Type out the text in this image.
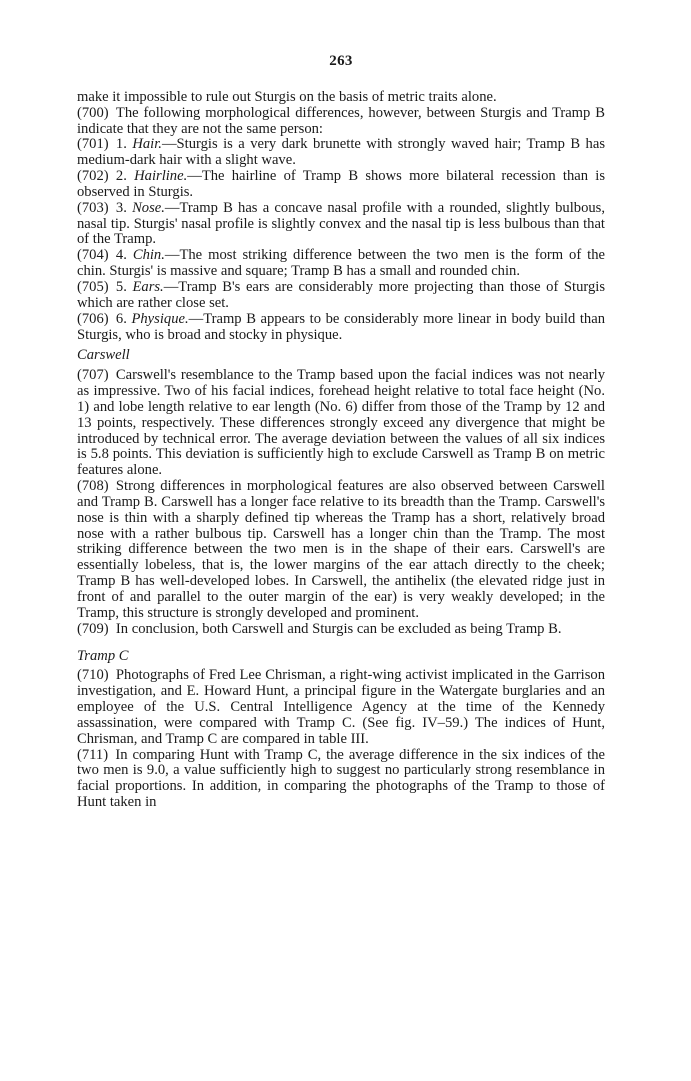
263

make it impossible to rule out Sturgis on the basis of metric traits alone.

(700)  The following morphological differences, however, between Sturgis and Tramp B indicate that they are not the same person:

(701)  1. Hair.—Sturgis is a very dark brunette with strongly waved hair; Tramp B has medium-dark hair with a slight wave.

(702)  2. Hairline.—The hairline of Tramp B shows more bilateral recession than is observed in Sturgis.

(703)  3. Nose.—Tramp B has a concave nasal profile with a rounded, slightly bulbous, nasal tip. Sturgis' nasal profile is slightly convex and the nasal tip is less bulbous than that of the Tramp.

(704)  4. Chin.—The most striking difference between the two men is the form of the chin. Sturgis' is massive and square; Tramp B has a small and rounded chin.

(705)  5. Ears.—Tramp B's ears are considerably more projecting than those of Sturgis which are rather close set.

(706)  6. Physique.—Tramp B appears to be considerably more linear in body build than Sturgis, who is broad and stocky in physique.

Carswell

(707)  Carswell's resemblance to the Tramp based upon the facial indices was not nearly as impressive. Two of his facial indices, forehead height relative to total face height (No. 1) and lobe length relative to ear length (No. 6) differ from those of the Tramp by 12 and 13 points, respectively. These differences strongly exceed any divergence that might be introduced by technical error. The average deviation between the values of all six indices is 5.8 points. This deviation is sufficiently high to exclude Carswell as Tramp B on metric features alone.

(708)  Strong differences in morphological features are also observed between Carswell and Tramp B. Carswell has a longer face relative to its breadth than the Tramp. Carswell's nose is thin with a sharply defined tip whereas the Tramp has a short, relatively broad nose with a rather bulbous tip. Carswell has a longer chin than the Tramp. The most striking difference between the two men is in the shape of their ears. Carswell's are essentially lobeless, that is, the lower margins of the ear attach directly to the cheek; Tramp B has well-developed lobes. In Carswell, the antihelix (the elevated ridge just in front of and parallel to the outer margin of the ear) is very weakly developed; in the Tramp, this structure is strongly developed and prominent.

(709)  In conclusion, both Carswell and Sturgis can be excluded as being Tramp B.

Tramp C

(710)  Photographs of Fred Lee Chrisman, a right-wing activist implicated in the Garrison investigation, and E. Howard Hunt, a principal figure in the Watergate burglaries and an employee of the U.S. Central Intelligence Agency at the time of the Kennedy assassination, were compared with Tramp C. (See fig. IV–59.) The indices of Hunt, Chrisman, and Tramp C are compared in table III.

(711)  In comparing Hunt with Tramp C, the average difference in the six indices of the two men is 9.0, a value sufficiently high to suggest no particularly strong resemblance in facial proportions. In addition, in comparing the photographs of the Tramp to those of Hunt taken in
